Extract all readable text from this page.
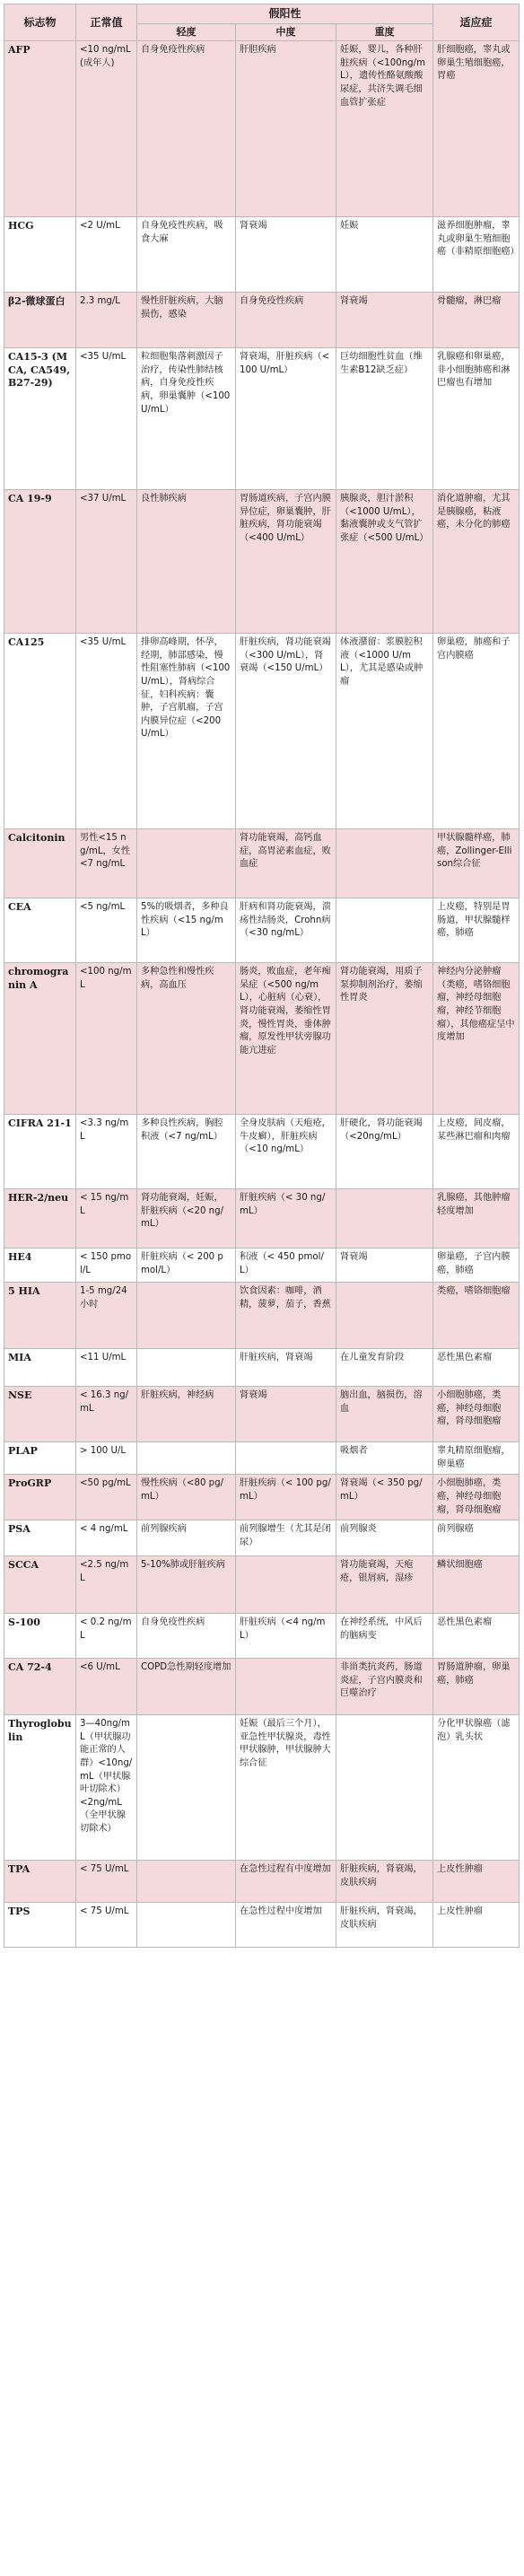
标志物	正常值	假阳性			适应症
		轻度	中度	重度	
AFP	<10 ng/mL (成年人)	自身免疫性疾病	肝胆疾病	妊娠，婴儿，各种肝脏疾病（<100ng/mL），遗传性酪氨酸酸尿症，共济失调毛细血管扩张症	肝细胞癌，睾丸或卵巢生殖细胞癌，胃癌
HCG	<2 U/mL	自身免疫性疾病，吸食大麻	肾衰竭	妊娠	滋养细胞肿瘤，睾丸或卵巢生殖细胞癌（非精原细胞癌）
β2-微球蛋白	2.3 mg/L	慢性肝脏疾病，大脑损伤，感染	自身免疫性疾病	肾衰竭	骨髓瘤，淋巴瘤
CA15-3 (MCA, CA549, B27-29)	<35 U/mL	粒细胞集落刺激因子治疗，传染性肺结核病，自身免疫性疾病，卵巢囊肿（<100U/mL）	肾衰竭，肝脏疾病（<100 U/mL）	巨幼细胞性贫血（维生素B12缺乏症）	乳腺癌和卵巢癌，非小细胞肺癌和淋巴瘤也有增加
CA 19-9	<37 U/mL	良性肺疾病	胃肠道疾病，子宫内膜异位症，卵巢囊肿，肝脏疾病，肾功能衰竭（<400 U/mL）	胰腺炎，胆汁淤积（<1000 U/mL），黏液囊肿或支气管扩张症（<500 U/mL）	消化道肿瘤，尤其是胰腺癌，粘液癌，未分化的肺癌
CA125	<35 U/mL	排卵高峰期，怀孕，经期，肺部感染，慢性阻塞性肺病（<100 U/mL），肾病综合征，妇科疾病：囊肿，子宫肌瘤，子宫内膜异位症（<200 U/mL）	肝脏疾病，肾功能衰竭（<300 U/mL），肾衰竭（<150 U/mL）	体液潴留：浆膜腔积液（<1000 U/mL），尤其是感染或肿瘤	卵巢癌，肺癌和子宫内膜癌
Calcitonin	男性<15 ng/mL，女性<7 ng/mL		肾功能衰竭，高钙血症，高胃泌素血症，败血症		甲状腺髓样癌，肺癌，Zollinger-Ellison综合征
CEA	<5 ng/mL	5%的吸烟者，多种良性疾病（<15 ng/mL）	肝病和肾功能衰竭，溃疡性结肠炎，Crohn病（<30 ng/mL）		上皮癌，特别是胃肠道，甲状腺髓样癌，肺癌
chromogranin A	<100 ng/mL	多种急性和慢性疾病，高血压	肠炎，败血症，老年痴呆症（<500 ng/mL），心脏病（心衰），肾功能衰竭，萎缩性胃炎，慢性胃炎，垂体肿瘤，原发性甲状旁腺功能亢进症	肾功能衰竭，用质子泵抑制剂治疗，萎缩性胃炎	神经内分泌肿瘤（类癌，嗜铬细胞瘤，神经母细胞瘤，神经节细胞瘤），其他癌症呈中度增加
CIFRA 21-1	<3.3 ng/mL	多种良性疾病，胸腔积液（<7 ng/mL）	全身皮肤病（天疱疮，牛皮癣），肝脏疾病（<10 ng/mL）	肝硬化，肾功能衰竭（<20ng/mL）	上皮癌，间皮瘤，某些淋巴瘤和肉瘤
HER-2/neu	< 15 ng/mL	肾功能衰竭，妊娠，肝脏疾病（<20 ng/mL）	肝脏疾病（< 30 ng/mL）		乳腺癌，其他肿瘤轻度增加
HE4	< 150 pmol/L	肝脏疾病（< 200 pmol/L）	积液（< 450 pmol/L）	肾衰竭	卵巢癌，子宫内膜癌，肺癌
5 HIA	1-5 mg/24 小时		饮食因素：咖啡，酒精，菠萝，茄子，香蕉		类癌，嗜铬细胞瘤
MIA	<11 U/mL		肝脏疾病，肾衰竭	在儿童发育阶段	恶性黑色素瘤
NSE	< 16.3 ng/mL	肝脏疾病，神经病	肾衰竭	脑出血，脑损伤，溶血	小细胞肺癌，类癌，神经母细胞瘤，肾母细胞瘤
PLAP	> 100 U/L			吸烟者	睾丸精原细胞瘤，卵巢癌
ProGRP	<50 pg/mL	慢性疾病（<80 pg/mL）	肝脏疾病（< 100 pg/mL）	肾衰竭（< 350 pg/mL）	小细胞肺癌，类癌，神经母细胞瘤，肾母细胞瘤
PSA	< 4 ng/mL	前列腺疾病	前列腺增生（尤其是闭尿）	前列腺炎	前列腺癌
SCCA	<2.5 ng/mL	5-10%肺或肝脏疾病		肾功能衰竭，天疱疮，银屑病，湿疹	鳞状细胞癌
S-100	< 0.2 ng/mL	自身免疫性疾病	肝脏疾病（<4 ng/mL）	在神经系统，中风后的脑病变	恶性黑色素瘤
CA 72-4	<6 U/mL	COPD急性期轻度增加		非甾类抗炎药，肠道炎症，子宫内膜炎和巨噬治疗	胃肠道肿瘤，卵巢癌，肺癌
Thyroglobulin	3—40ng/mL（甲状腺功能正常的人群）<10ng/mL（甲状腺叶切除术）<2ng/mL（全甲状腺切除术）		妊娠（最后三个月），亚急性甲状腺炎，毒性甲状腺肿，甲状腺肿大综合征		分化甲状腺癌（滤泡）乳头状
TPA	< 75 U/mL		在急性过程有中度增加	肝脏疾病，肾衰竭，皮肤疾病	上皮性肿瘤
TPS	< 75 U/mL		在急性过程中度增加	肝脏疾病，肾衰竭，皮肤疾病	上皮性肿瘤
